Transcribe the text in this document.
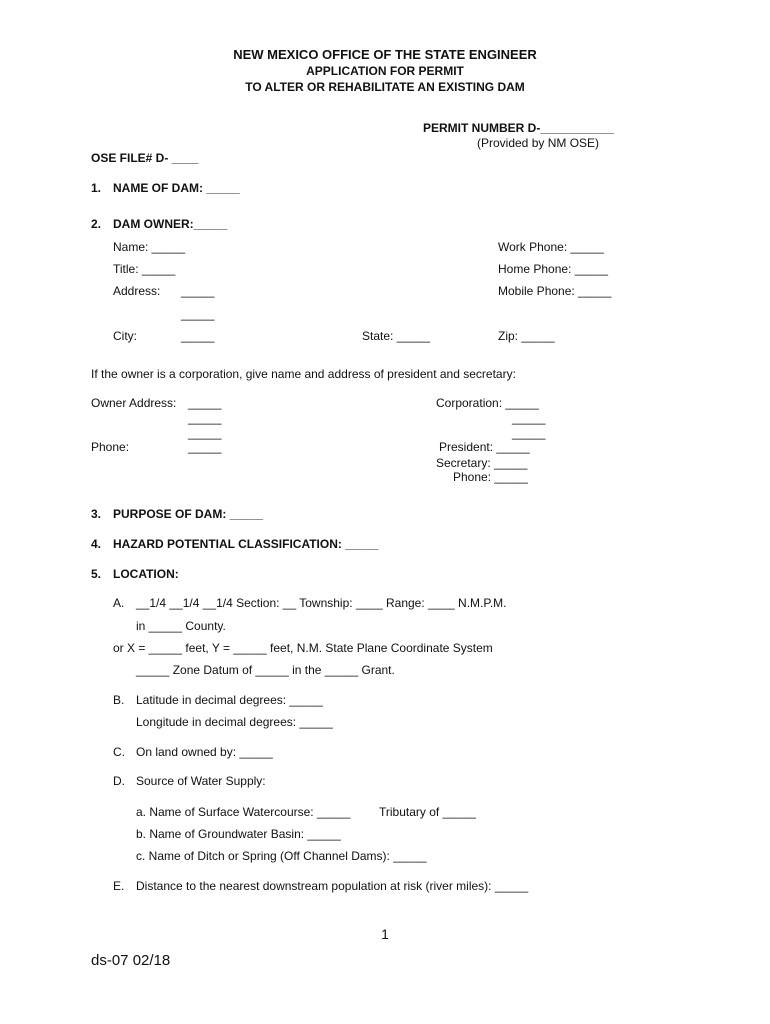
NEW MEXICO OFFICE OF THE STATE ENGINEER
APPLICATION FOR PERMIT
TO ALTER OR REHABILITATE AN EXISTING DAM
PERMIT NUMBER D-___________
(Provided by NM OSE)
OSE FILE# D- ____
1. NAME OF DAM: _____
2. DAM OWNER:_____
Name: _____
Title: _____
Address: _____
_____
City:	_____	State: _____	Zip: _____
Work Phone: _____
Home Phone: _____
Mobile Phone: _____
If the owner is a corporation, give name and address of president and secretary:
Owner Address: _____
_____
_____
Phone:	_____
Corporation: _____
_____
_____
President: _____
Secretary: _____
Phone: _____
3. PURPOSE OF DAM: _____
4. HAZARD POTENTIAL CLASSIFICATION: _____
5. LOCATION:
A. __1/4 __1/4 __1/4 Section: __ Township: ____ Range: ____ N.M.P.M.
in _____ County.
or X = _____ feet, Y = _____ feet, N.M. State Plane Coordinate System
_____ Zone Datum of _____ in the _____ Grant.
B. Latitude in decimal degrees: _____
Longitude in decimal degrees: _____
C. On land owned by: _____
D. Source of Water Supply:
a. Name of Surface Watercourse: _____ Tributary of _____
b. Name of Groundwater Basin: _____
c. Name of Ditch or Spring (Off Channel Dams): _____
E. Distance to the nearest downstream population at risk (river miles): _____
1
ds-07 02/18
